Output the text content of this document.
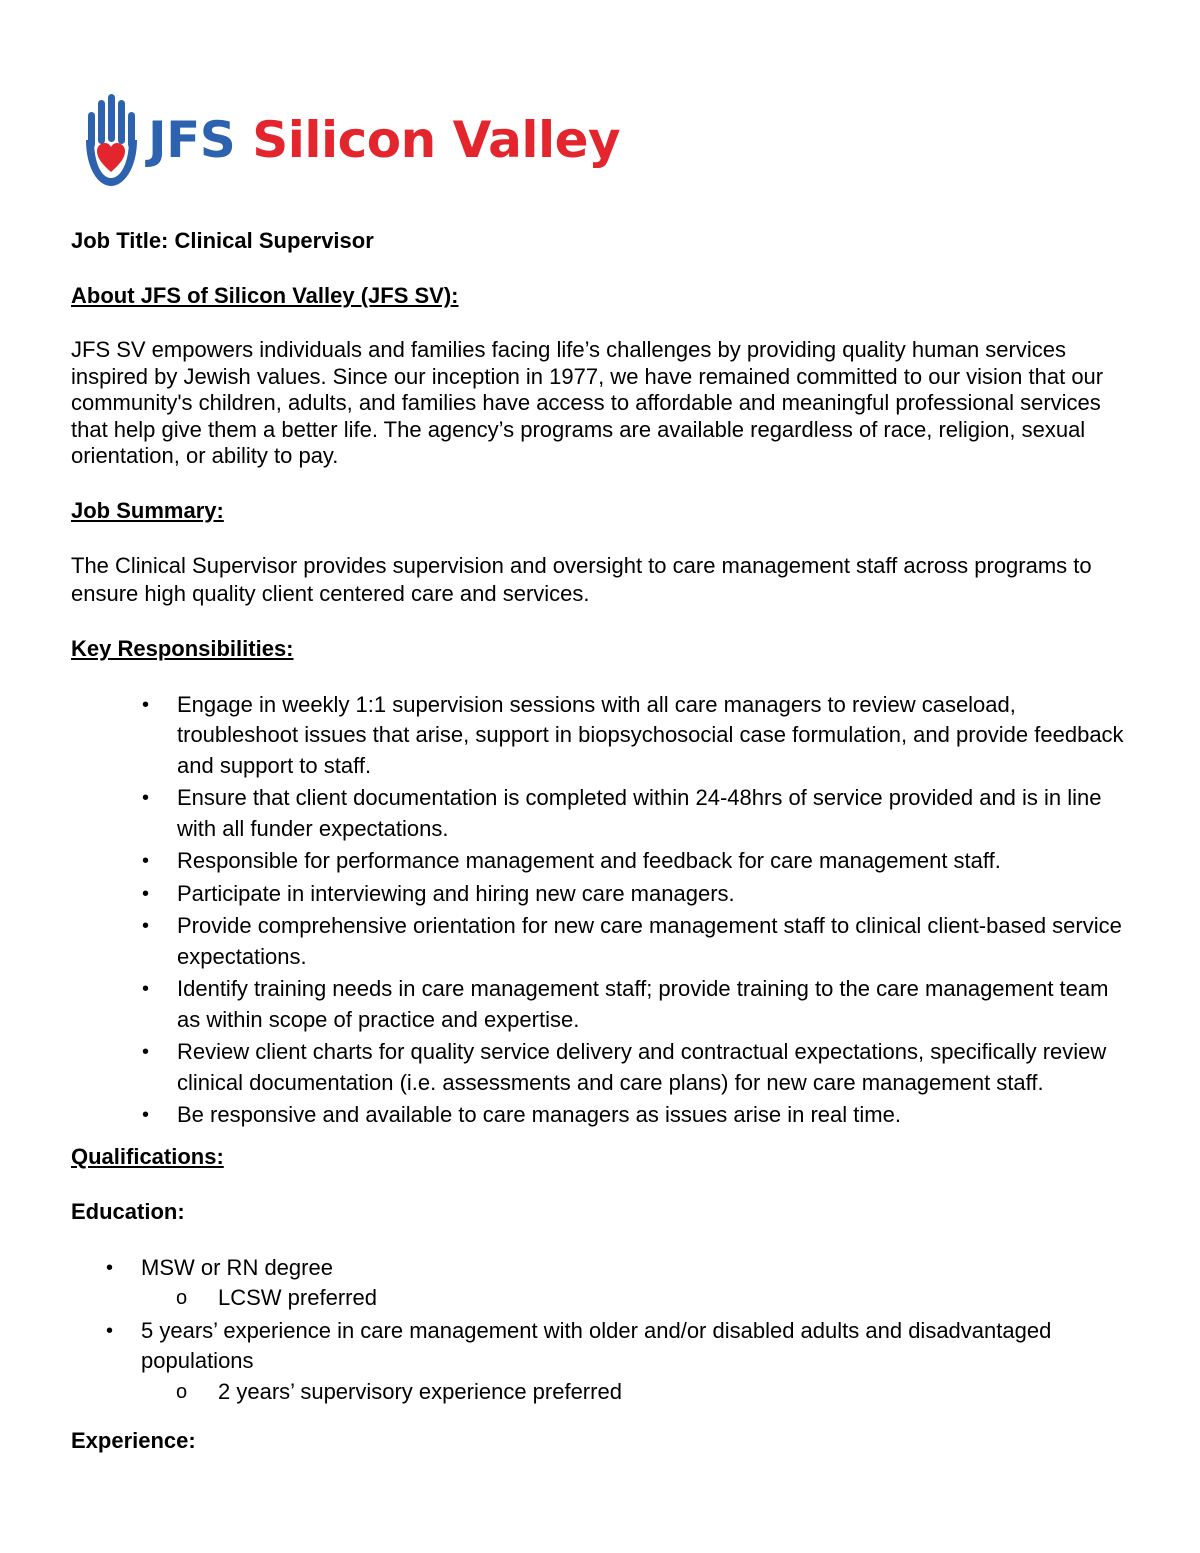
JFS Silicon Valley
Job Title: Clinical Supervisor
About JFS of Silicon Valley (JFS SV):
JFS SV empowers individuals and families facing life’s challenges by providing quality human services inspired by Jewish values. Since our inception in 1977, we have remained committed to our vision that our community's children, adults, and families have access to affordable and meaningful professional services that help give them a better life. The agency’s programs are available regardless of race, religion, sexual orientation, or ability to pay.
Job Summary:
The Clinical Supervisor provides supervision and oversight to care management staff across programs to ensure high quality client centered care and services.
Key Responsibilities:
• Engage in weekly 1:1 supervision sessions with all care managers to review caseload, troubleshoot issues that arise, support in biopsychosocial case formulation, and provide feedback and support to staff.
• Ensure that client documentation is completed within 24-48hrs of service provided and is in line with all funder expectations.
• Responsible for performance management and feedback for care management staff.
• Participate in interviewing and hiring new care managers.
• Provide comprehensive orientation for new care management staff to clinical client-based service expectations.
• Identify training needs in care management staff; provide training to the care management team as within scope of practice and expertise.
• Review client charts for quality service delivery and contractual expectations, specifically review clinical documentation (i.e. assessments and care plans) for new care management staff.
• Be responsive and available to care managers as issues arise in real time.
Qualifications:
Education:
• MSW or RN degree
o LCSW preferred
• 5 years’ experience in care management with older and/or disabled adults and disadvantaged populations
o 2 years’ supervisory experience preferred
Experience:
